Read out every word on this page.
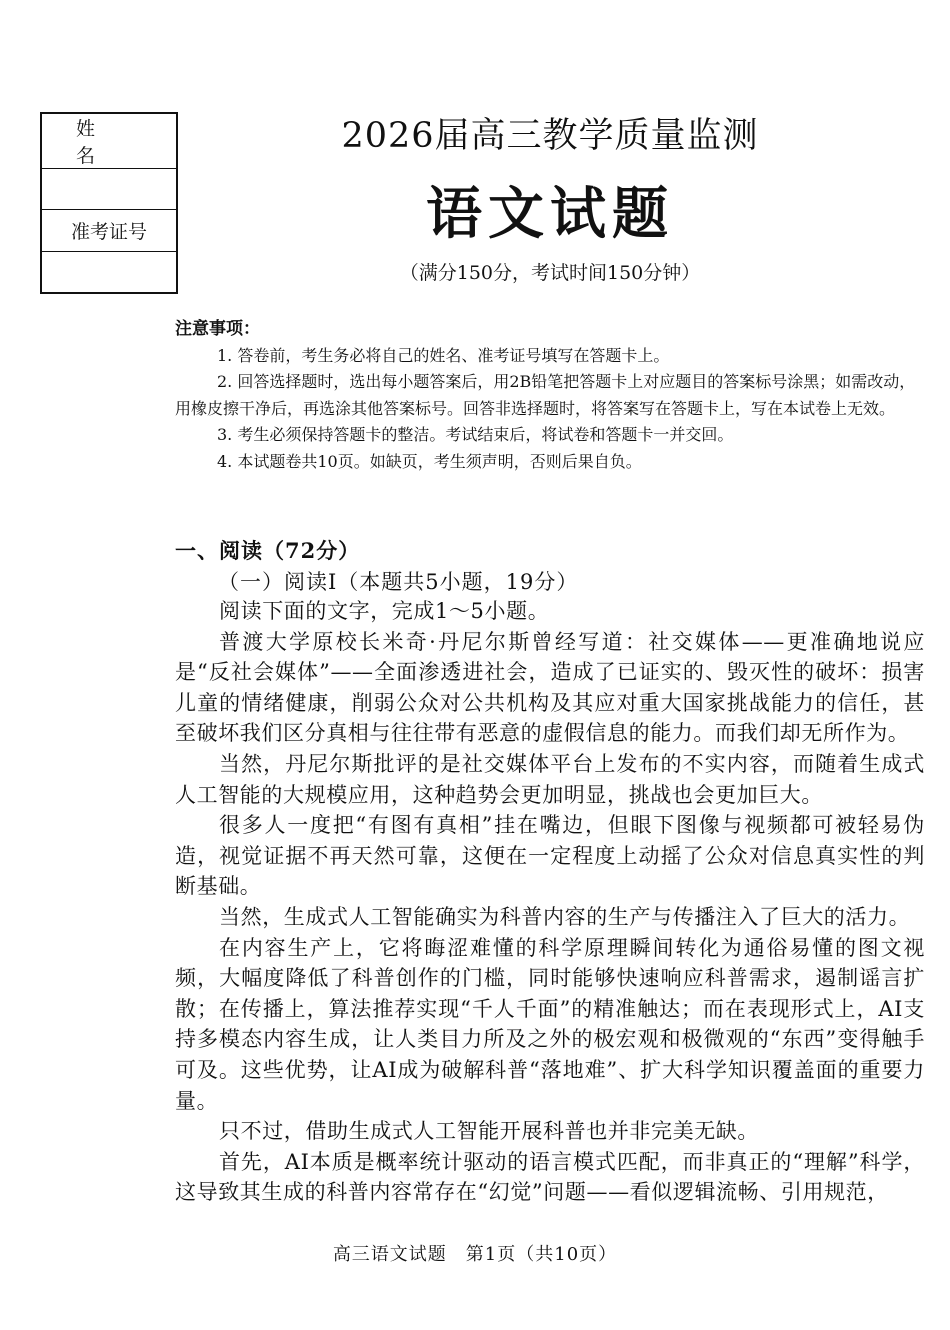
姓名
准考证号
2026届高三教学质量监测
语文试题
（满分150分，考试时间150分钟）
注意事项：

1. 答卷前，考生务必将自己的姓名、准考证号填写在答题卡上。

2. 回答选择题时，选出每小题答案后，用2B铅笔把答题卡上对应题目的答案标号涂黑；如需改动，用橡皮擦干净后，再选涂其他答案标号。回答非选择题时，将答案写在答题卡上，写在本试卷上无效。

3. 考生必须保持答题卡的整洁。考试结束后，将试卷和答题卡一并交回。

4. 本试题卷共10页。如缺页，考生须声明，否则后果自负。

一、阅读（72分）
（一）阅读Ⅰ（本题共5小题，19分）

阅读下面的文字，完成1～5小题。

普渡大学原校长米奇·丹尼尔斯曾经写道：社交媒体——更准确地说应是“反社会媒体”——全面渗透进社会，造成了已证实的、毁灭性的破坏：损害儿童的情绪健康，削弱公众对公共机构及其应对重大国家挑战能力的信任，甚至破坏我们区分真相与往往带有恶意的虚假信息的能力。而我们却无所作为。

当然，丹尼尔斯批评的是社交媒体平台上发布的不实内容，而随着生成式人工智能的大规模应用，这种趋势会更加明显，挑战也会更加巨大。

很多人一度把“有图有真相”挂在嘴边，但眼下图像与视频都可被轻易伪造，视觉证据不再天然可靠，这便在一定程度上动摇了公众对信息真实性的判断基础。

当然，生成式人工智能确实为科普内容的生产与传播注入了巨大的活力。

在内容生产上，它将晦涩难懂的科学原理瞬间转化为通俗易懂的图文视频，大幅度降低了科普创作的门槛，同时能够快速响应科普需求，遏制谣言扩散；在传播上，算法推荐实现“千人千面”的精准触达；而在表现形式上，AI支持多模态内容生成，让人类目力所及之外的极宏观和极微观的“东西”变得触手可及。这些优势，让AI成为破解科普“落地难”、扩大科学知识覆盖面的重要力量。

只不过，借助生成式人工智能开展科普也并非完美无缺。

首先，AI本质是概率统计驱动的语言模式匹配，而非真正的“理解”科学，这导致其生成的科普内容常存在“幻觉”问题——看似逻辑流畅、引用规范，

高三语文试题　第1页（共10页）
